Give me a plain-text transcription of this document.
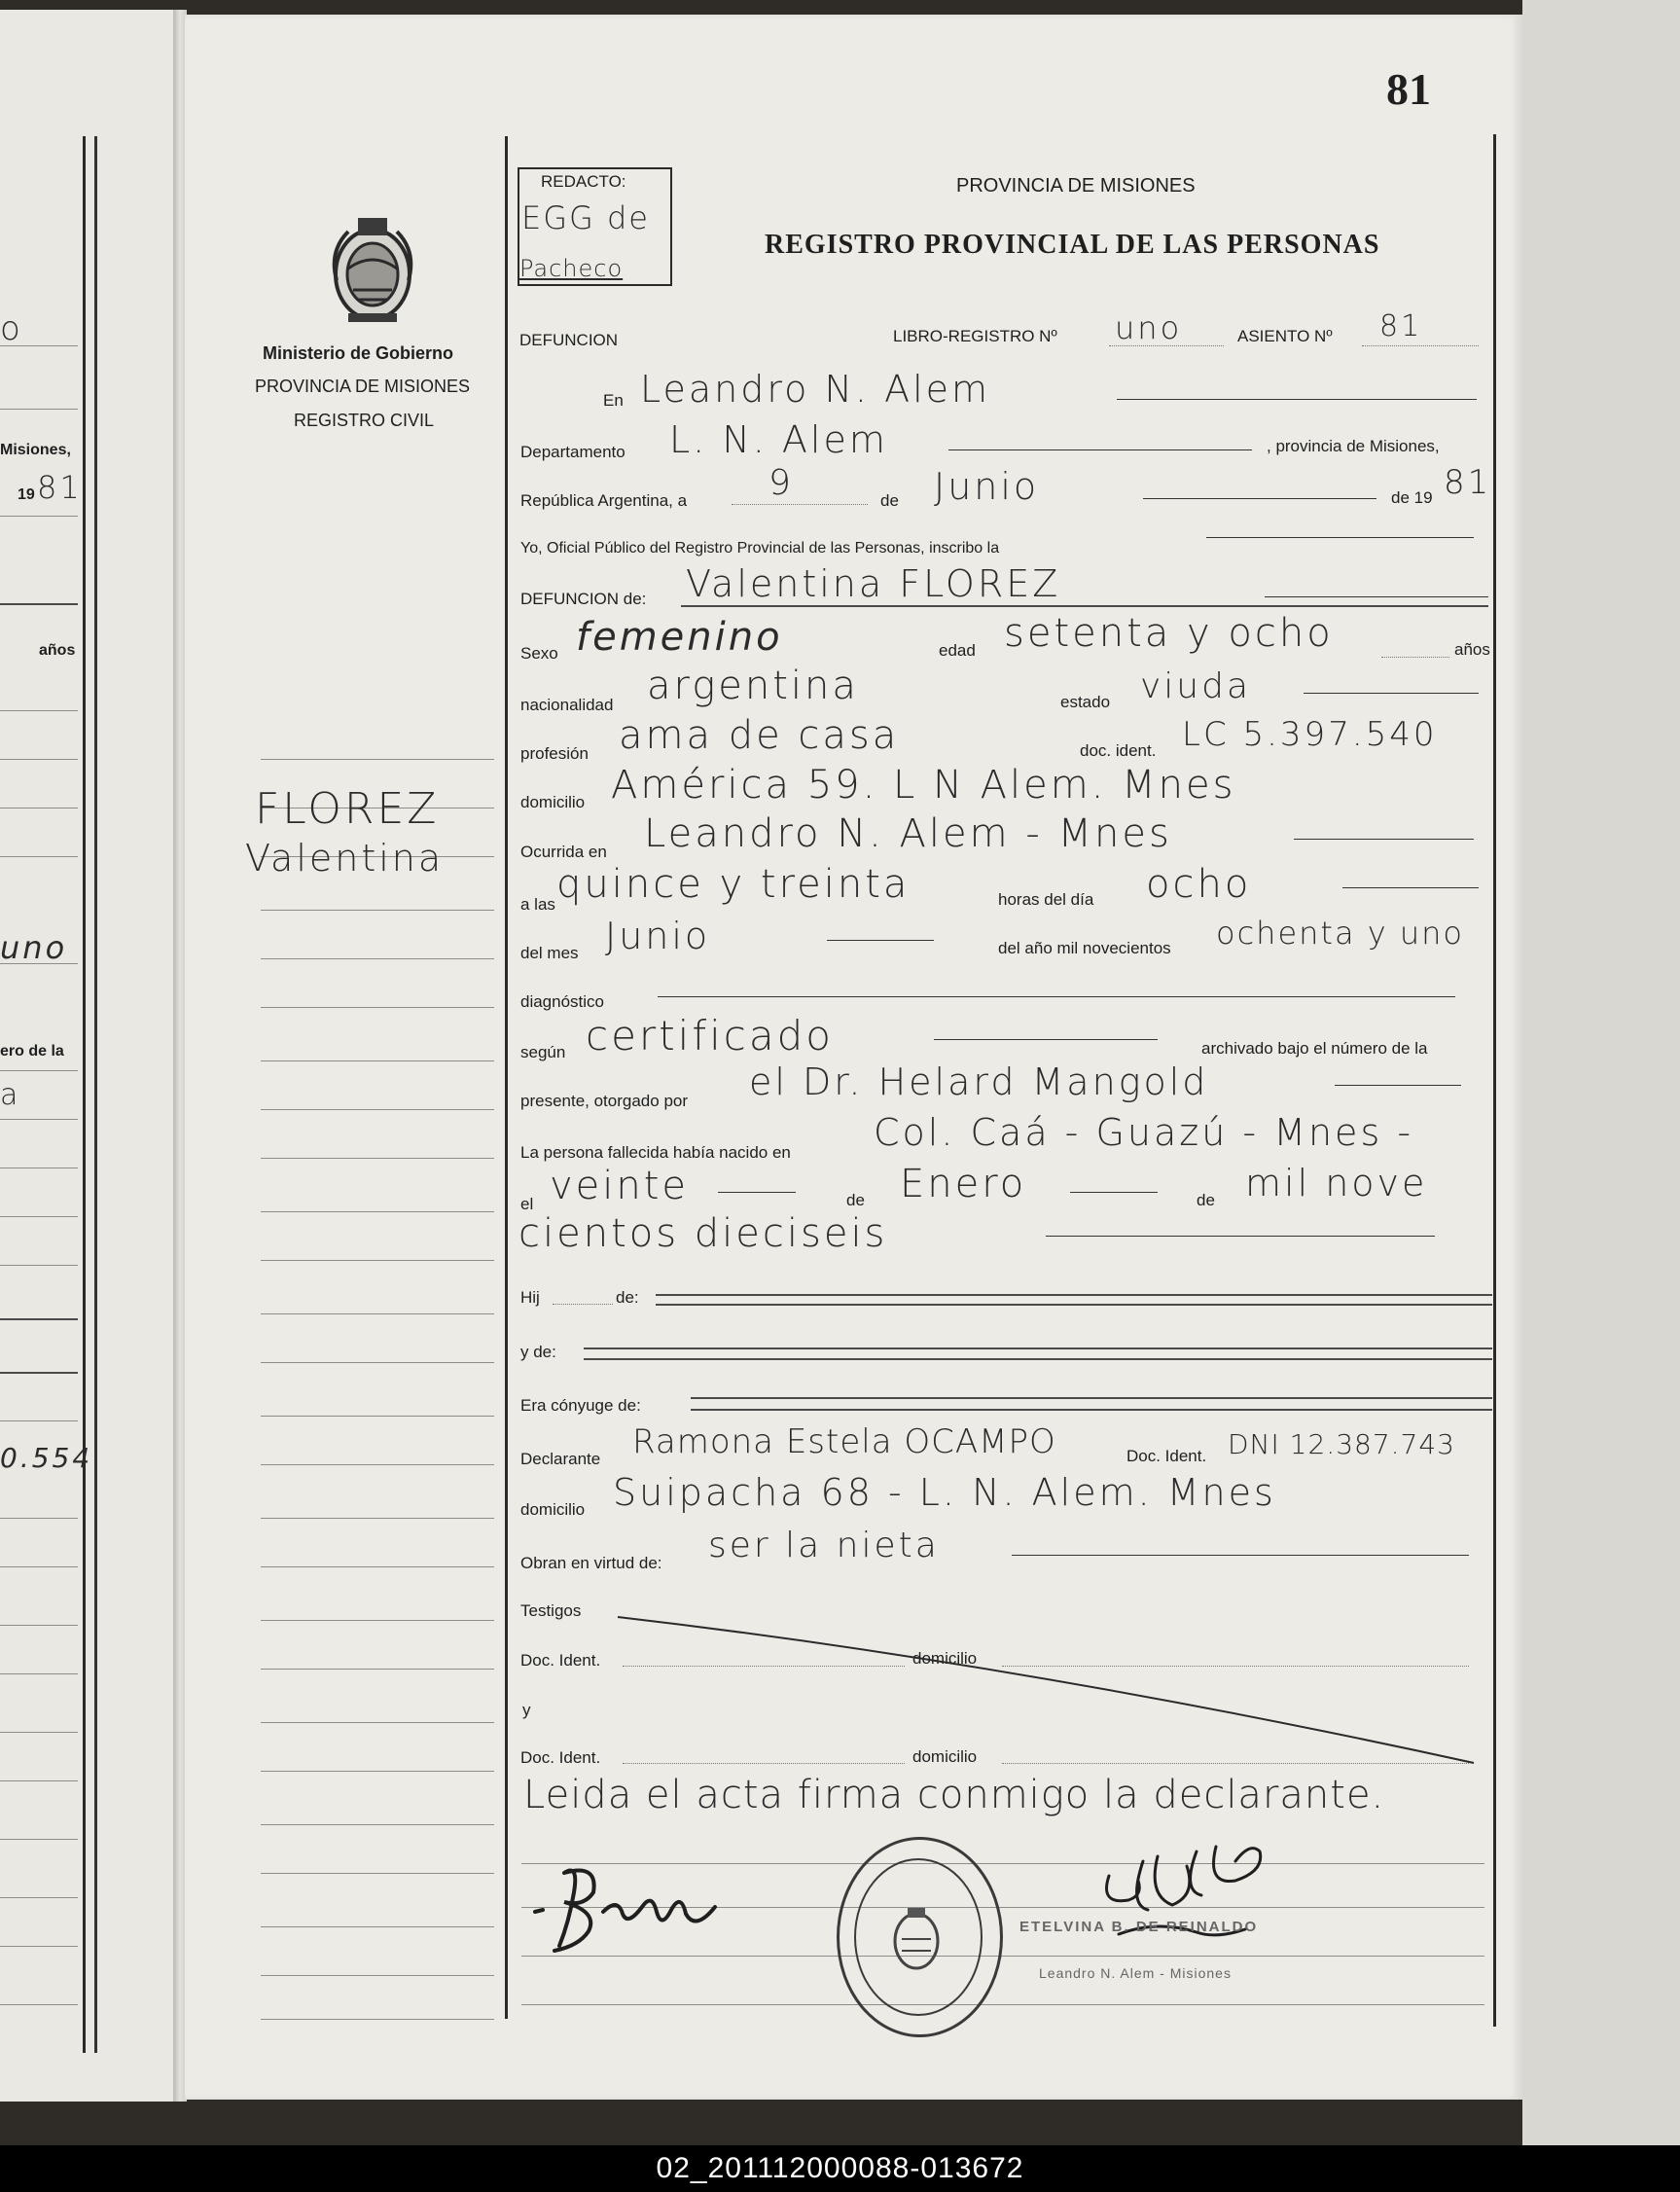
o
Misiones,
19 81
años
uno
ero de la
a
0.554
81
Ministerio de Gobierno
PROVINCIA DE MISIONES
REGISTRO CIVIL
FLOREZ
Valentina
REDACTO:
EGG de
Pacheco
PROVINCIA DE MISIONES
REGISTRO PROVINCIAL DE LAS PERSONAS
DEFUNCION	LIBRO-REGISTRO Nº uno	ASIENTO Nº 81
En Leandro N. Alem
Departamento L. N. Alem	, provincia de Misiones,
República Argentina, a 9	de Junio	de 19 81
Yo, Oficial Público del Registro Provincial de las Personas, inscribo la
DEFUNCION de: Valentina FLOREZ
Sexo femenino	edad setenta y ocho	años
nacionalidad argentina	estado viuda
profesión ama de casa	doc. ident. LC 5.397.540
domicilio América 59. L N Alem. Mnes
Ocurrida en Leandro N. Alem - Mnes
a las quince y treinta	horas del día ocho
del mes Junio	del año mil novecientos ochenta y uno
diagnóstico
según certificado	archivado bajo el número de la
presente, otorgado por el Dr. Helard Mangold
La persona fallecida había nacido en Col. Caá - Guazú - Mnes -
el veinte	de Enero	de mil nove
cientos dieciseis
Hij	de:
y de:
Era cónyuge de:
Declarante Ramona Estela OCAMPO	Doc. Ident. DNI 12.387.743
domicilio Suipacha 68 - L. N. Alem. Mnes
Obran en virtud de: ser la nieta
Testigos
Doc. Ident.	domicilio
y
Doc. Ident.	domicilio
Leida el acta firma conmigo la declarante.
ETELVINA B. DE REINALDO
Leandro N. Alem - Misiones
02_201112000088-013672
